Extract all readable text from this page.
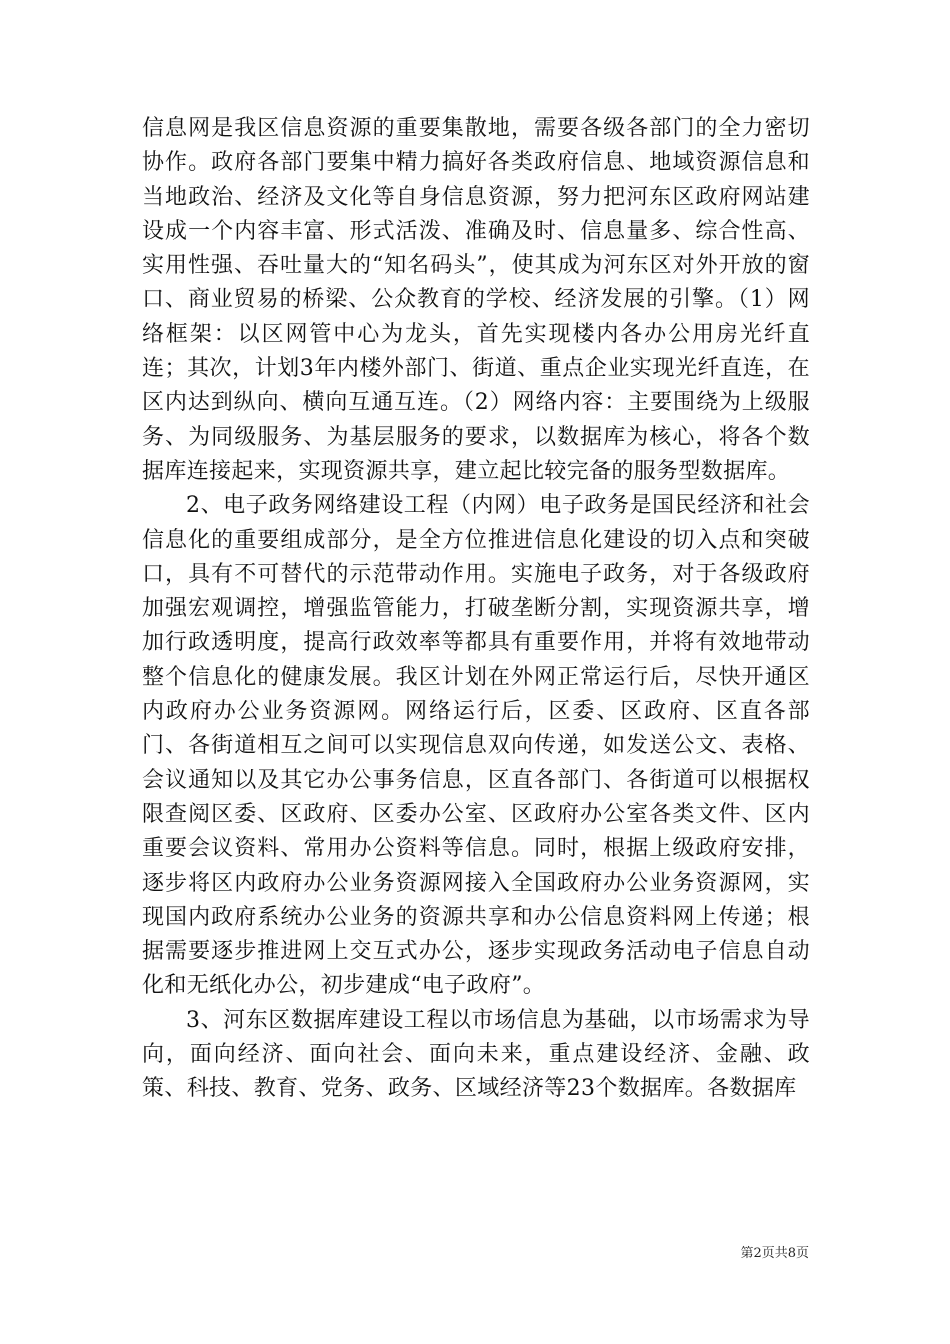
信息网是我区信息资源的重要集散地，需要各级各部门的全力密切协作。政府各部门要集中精力搞好各类政府信息、地域资源信息和当地政治、经济及文化等自身信息资源，努力把河东区政府网站建设成一个内容丰富、形式活泼、准确及时、信息量多、综合性高、实用性强、吞吐量大的“知名码头”，使其成为河东区对外开放的窗口、商业贸易的桥梁、公众教育的学校、经济发展的引擎。（1）网络框架：以区网管中心为龙头，首先实现楼内各办公用房光纤直连；其次，计划3年内楼外部门、街道、重点企业实现光纤直连，在区内达到纵向、横向互通互连。（2）网络内容：主要围绕为上级服务、为同级服务、为基层服务的要求，以数据库为核心，将各个数据库连接起来，实现资源共享，建立起比较完备的服务型数据库。

2、电子政务网络建设工程（内网）电子政务是国民经济和社会信息化的重要组成部分，是全方位推进信息化建设的切入点和突破口，具有不可替代的示范带动作用。实施电子政务，对于各级政府加强宏观调控，增强监管能力，打破垄断分割，实现资源共享，增加行政透明度，提高行政效率等都具有重要作用，并将有效地带动整个信息化的健康发展。我区计划在外网正常运行后，尽快开通区内政府办公业务资源网。网络运行后，区委、区政府、区直各部门、各街道相互之间可以实现信息双向传递，如发送公文、表格、会议通知以及其它办公事务信息，区直各部门、各街道可以根据权限查阅区委、区政府、区委办公室、区政府办公室各类文件、区内重要会议资料、常用办公资料等信息。同时，根据上级政府安排，逐步将区内政府办公业务资源网接入全国政府办公业务资源网，实现国内政府系统办公业务的资源共享和办公信息资料网上传递；根据需要逐步推进网上交互式办公，逐步实现政务活动电子信息自动化和无纸化办公，初步建成“电子政府”。

3、河东区数据库建设工程以市场信息为基础，以市场需求为导向，面向经济、面向社会、面向未来，重点建设经济、金融、政策、科技、教育、党务、政务、区域经济等23个数据库。各数据库

第2页共8页
